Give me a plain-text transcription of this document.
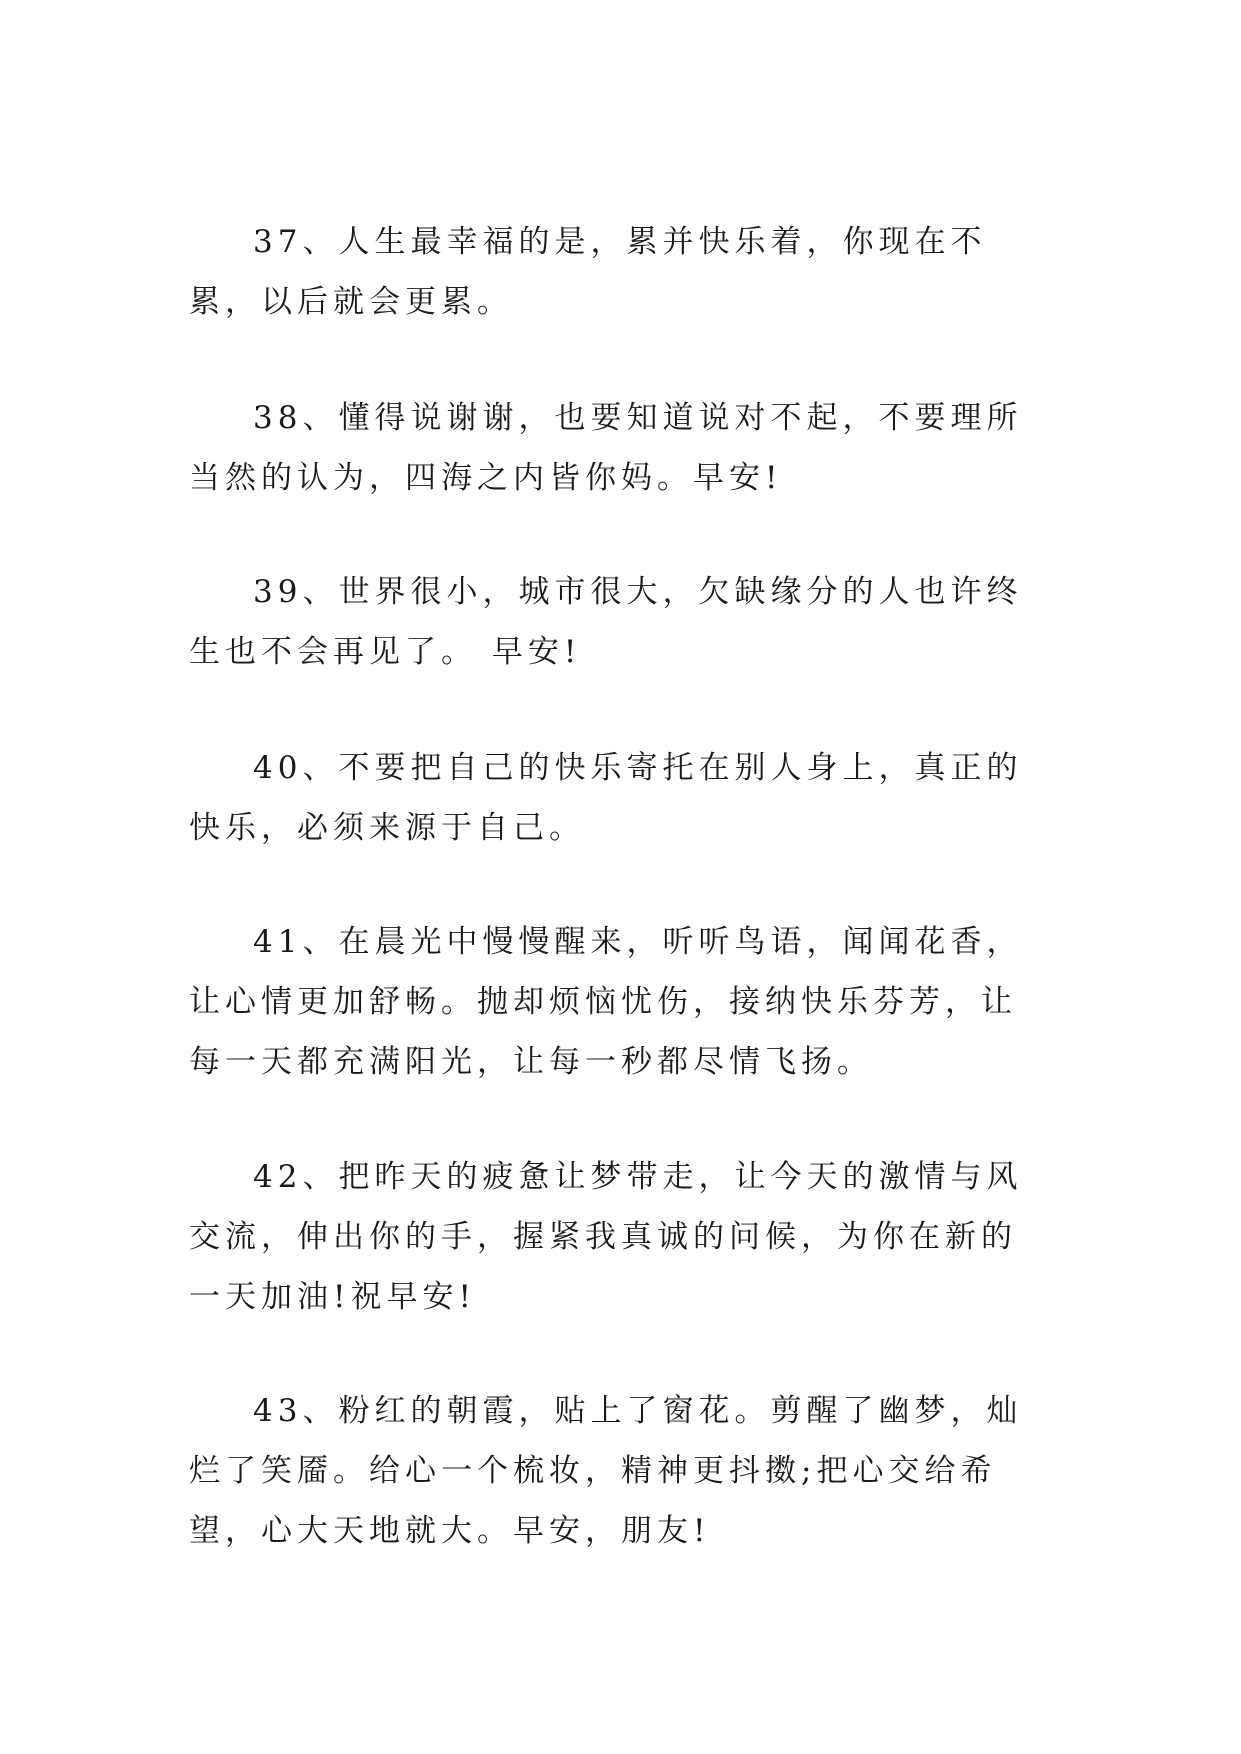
37、人生最幸福的是，累并快乐着，你现在不累，以后就会更累。

38、懂得说谢谢，也要知道说对不起，不要理所当然的认为，四海之内皆你妈。早安!

39、世界很小，城市很大，欠缺缘分的人也许终生也不会再见了。 早安!

40、不要把自己的快乐寄托在别人身上，真正的快乐，必须来源于自己。

41、在晨光中慢慢醒来，听听鸟语，闻闻花香，让心情更加舒畅。抛却烦恼忧伤，接纳快乐芬芳，让每一天都充满阳光，让每一秒都尽情飞扬。

42、把昨天的疲惫让梦带走，让今天的激情与风交流，伸出你的手，握紧我真诚的问候，为你在新的一天加油!祝早安!

43、粉红的朝霞，贴上了窗花。剪醒了幽梦，灿烂了笑靥。给心一个梳妆，精神更抖擞;把心交给希望，心大天地就大。早安，朋友!
